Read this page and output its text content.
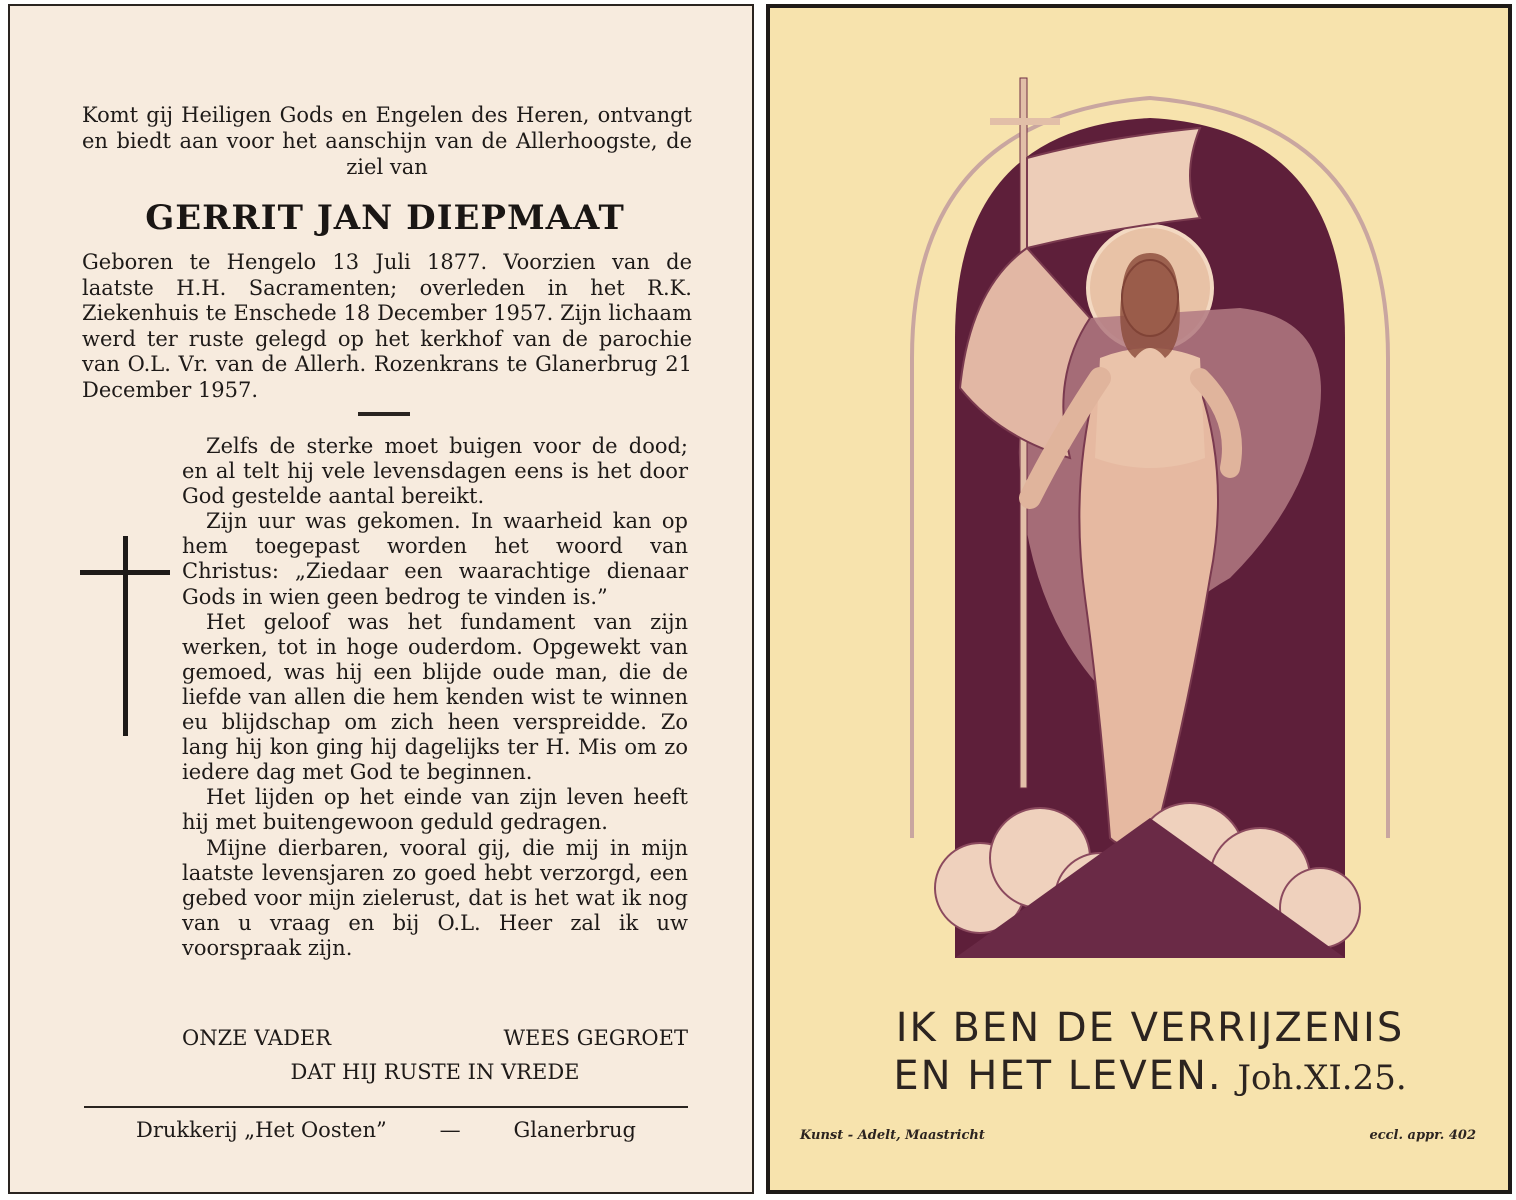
Komt gij Heiligen Gods en Engelen des Heren, ontvangt en biedt aan voor het aanschijn van de Allerhoogste, de ziel van
GERRIT JAN DIEPMAAT

Geboren te Hengelo 13 Juli 1877. Voorzien van de laatste H.H. Sacramenten; overleden in het R.K. Ziekenhuis te Enschede 18 December 1957. Zijn lichaam werd ter ruste gelegd op het kerkhof van de parochie van O.L. Vr. van de Allerh. Rozenkrans te Glanerbrug 21 December 1957.

Zelfs de sterke moet buigen voor de dood; en al telt hij vele levensdagen eens is het door God gestelde aantal bereikt.

Zijn uur was gekomen. In waarheid kan op hem toegepast worden het woord van Christus: „Ziedaar een waarachtige dienaar Gods in wien geen bedrog te vinden is.”

Het geloof was het fundament van zijn werken, tot in hoge ouderdom. Opgewekt van gemoed, was hij een blijde oude man, die de liefde van allen die hem kenden wist te winnen eu blijdschap om zich heen verspreidde. Zo lang hij kon ging hij dagelijks ter H. Mis om zo iedere dag met God te beginnen.

Het lijden op het einde van zijn leven heeft hij met buitengewoon geduld gedragen.

Mijne dierbaren, vooral gij, die mij in mijn laatste levensjaren zo goed hebt verzorgd, een gebed voor mijn zielerust, dat is het wat ik nog van u vraag en bij O.L. Heer zal ik uw voorspraak zijn.

ONZE VADER	WEES GEGROET
DAT HIJ RUSTE IN VREDE
Drukkerij „Het Oosten”	—	Glanerbrug
IK BEN DE VERRIJZENIS
EN HET LEVEN. Joh.XI.25.
Kunst - Adelt, Maastricht	eccl. appr. 402
